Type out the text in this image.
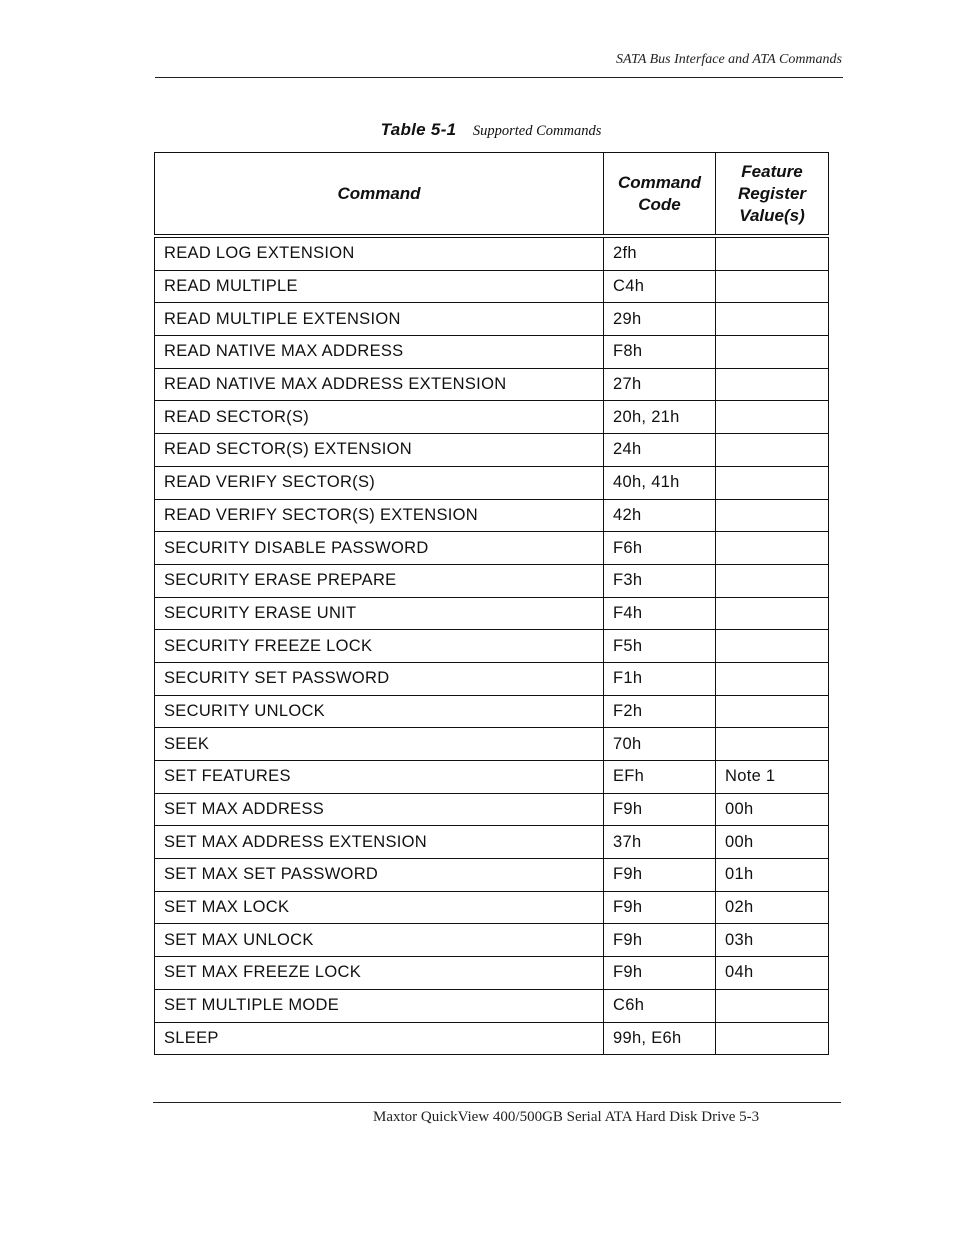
SATA Bus Interface and ATA Commands
Table 5-1 Supported Commands
Command	Command Code	Feature Register Value(s)
READ LOG EXTENSION	2fh	
READ MULTIPLE	C4h	
READ MULTIPLE EXTENSION	29h	
READ NATIVE MAX ADDRESS	F8h	
READ NATIVE MAX ADDRESS EXTENSION	27h	
READ SECTOR(S)	20h, 21h	
READ SECTOR(S) EXTENSION	24h	
READ VERIFY SECTOR(S)	40h, 41h	
READ VERIFY SECTOR(S) EXTENSION	42h	
SECURITY DISABLE PASSWORD	F6h	
SECURITY ERASE PREPARE	F3h	
SECURITY ERASE UNIT	F4h	
SECURITY FREEZE LOCK	F5h	
SECURITY SET PASSWORD	F1h	
SECURITY UNLOCK	F2h	
SEEK	70h	
SET FEATURES	EFh	Note 1
SET MAX ADDRESS	F9h	00h
SET MAX ADDRESS EXTENSION	37h	00h
SET MAX SET PASSWORD	F9h	01h
SET MAX LOCK	F9h	02h
SET MAX UNLOCK	F9h	03h
SET MAX FREEZE LOCK	F9h	04h
SET MULTIPLE MODE	C6h	
SLEEP	99h, E6h	
Maxtor QuickView 400/500GB Serial ATA Hard Disk Drive 5-3
